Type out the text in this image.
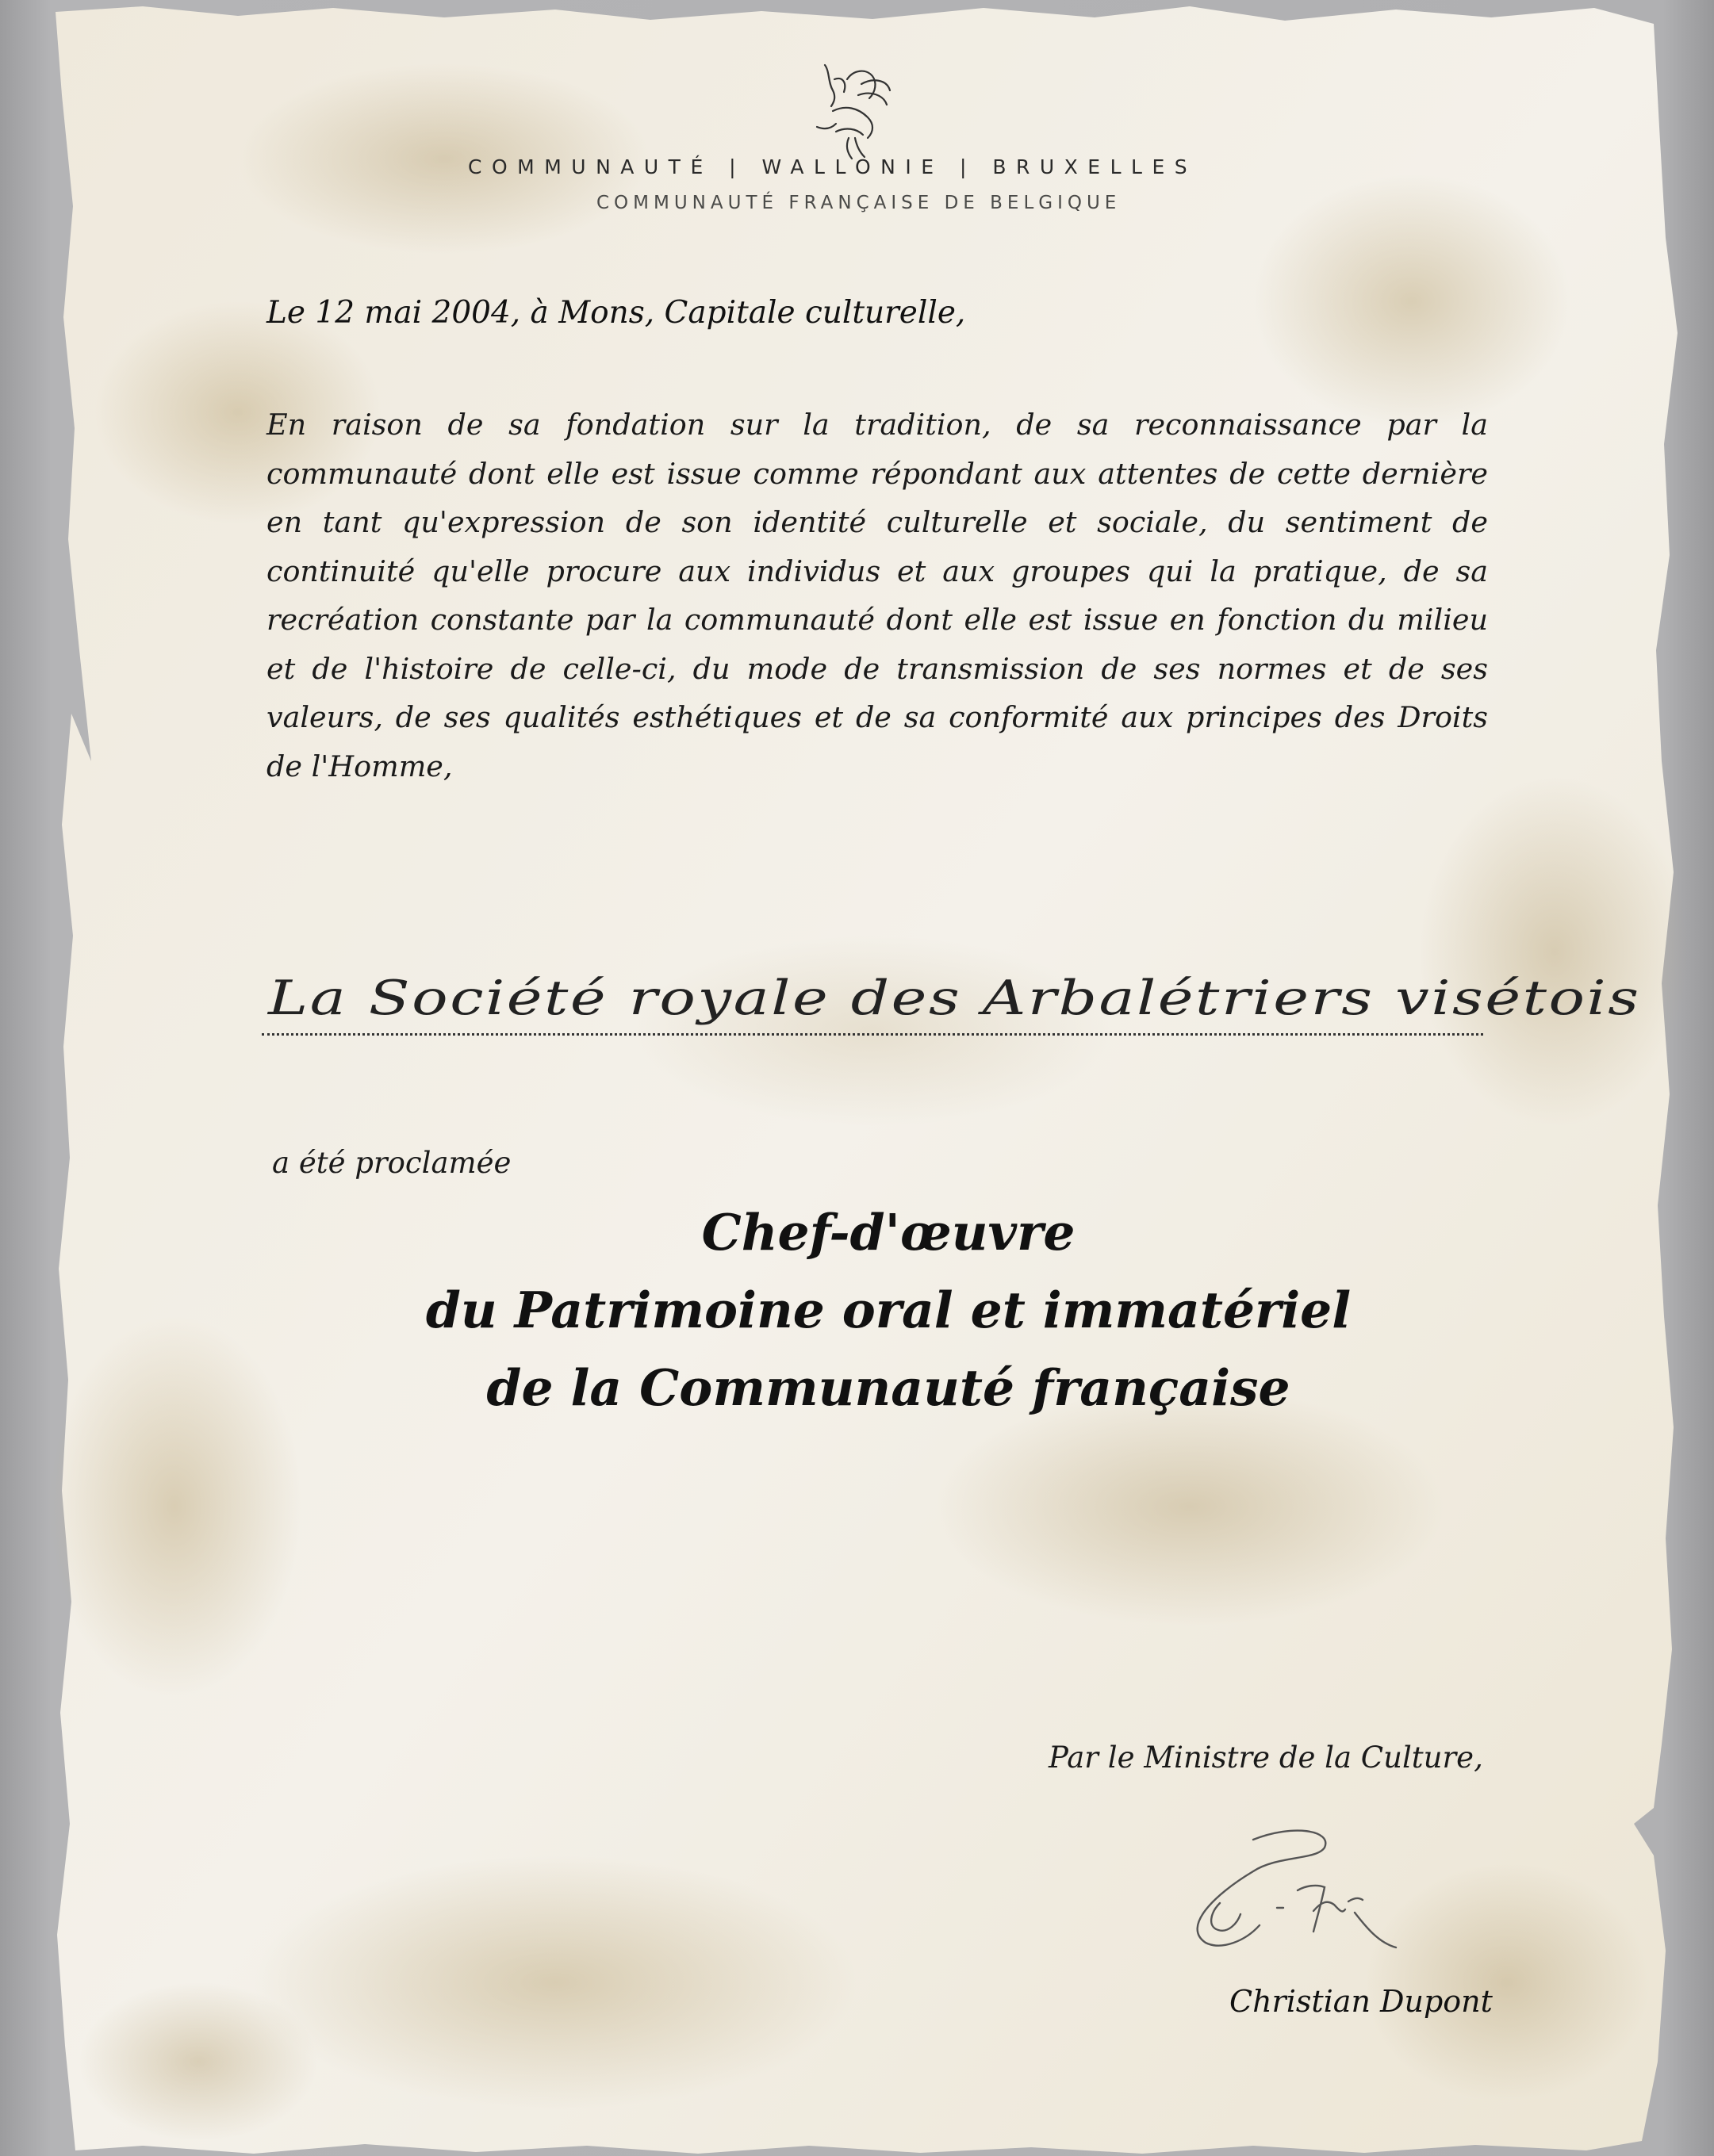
COMMUNAUTÉ | WALLONIE | BRUXELLES
COMMUNAUTÉ FRANÇAISE DE BELGIQUE
Le 12 mai 2004, à Mons, Capitale culturelle,
En raison de sa fondation sur la tradition, de sa reconnaissance par la communauté dont elle est issue comme répondant aux attentes de cette dernière en tant qu'expression de son identité culturelle et sociale, du sentiment de continuité qu'elle procure aux individus et aux groupes qui la pratique, de sa recréation constante par la communauté dont elle est issue en fonction du milieu et de l'histoire de celle-ci, du mode de transmission de ses normes et de ses valeurs, de ses qualités esthétiques et de sa conformité aux principes des Droits de l'Homme,
La Société royale des Arbalétriers visétois
a été proclamée
Chef-d'œuvre
du Patrimoine oral et immatériel
de la Communauté française
Par le Ministre de la Culture,
Christian Dupont
